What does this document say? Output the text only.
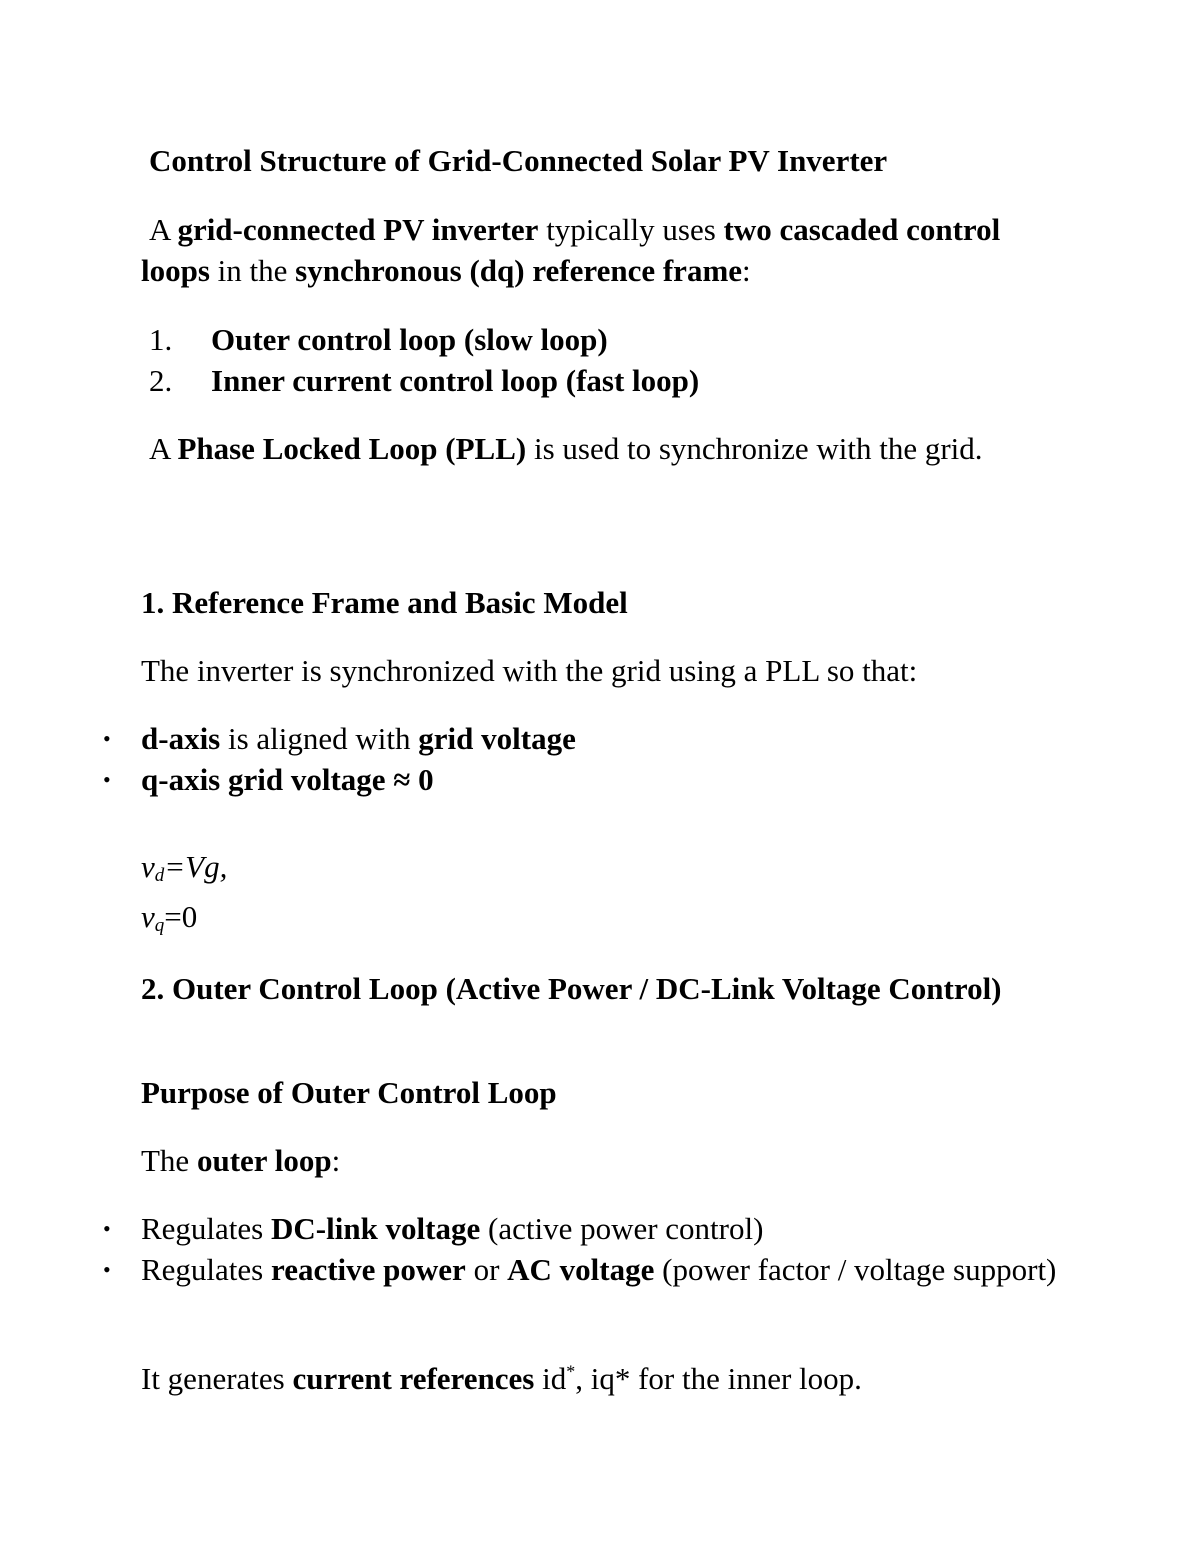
Control Structure of Grid-Connected Solar PV Inverter

A grid-connected PV inverter typically uses two cascaded control loops in the synchronous (dq) reference frame:

1. Outer control loop (slow loop)
2. Inner current control loop (fast loop)

A Phase Locked Loop (PLL) is used to synchronize with the grid.

1. Reference Frame and Basic Model

The inverter is synchronized with the grid using a PLL so that:

• d-axis is aligned with grid voltage
• q-axis grid voltage ≈ 0
$v_d=Vg$,
$v_q=0$

2. Outer Control Loop (Active Power / DC-Link Voltage Control)

Purpose of Outer Control Loop

The outer loop:

• Regulates DC-link voltage (active power control)
• Regulates reactive power or AC voltage (power factor / voltage support)

It generates current references id*, iq* for the inner loop.
